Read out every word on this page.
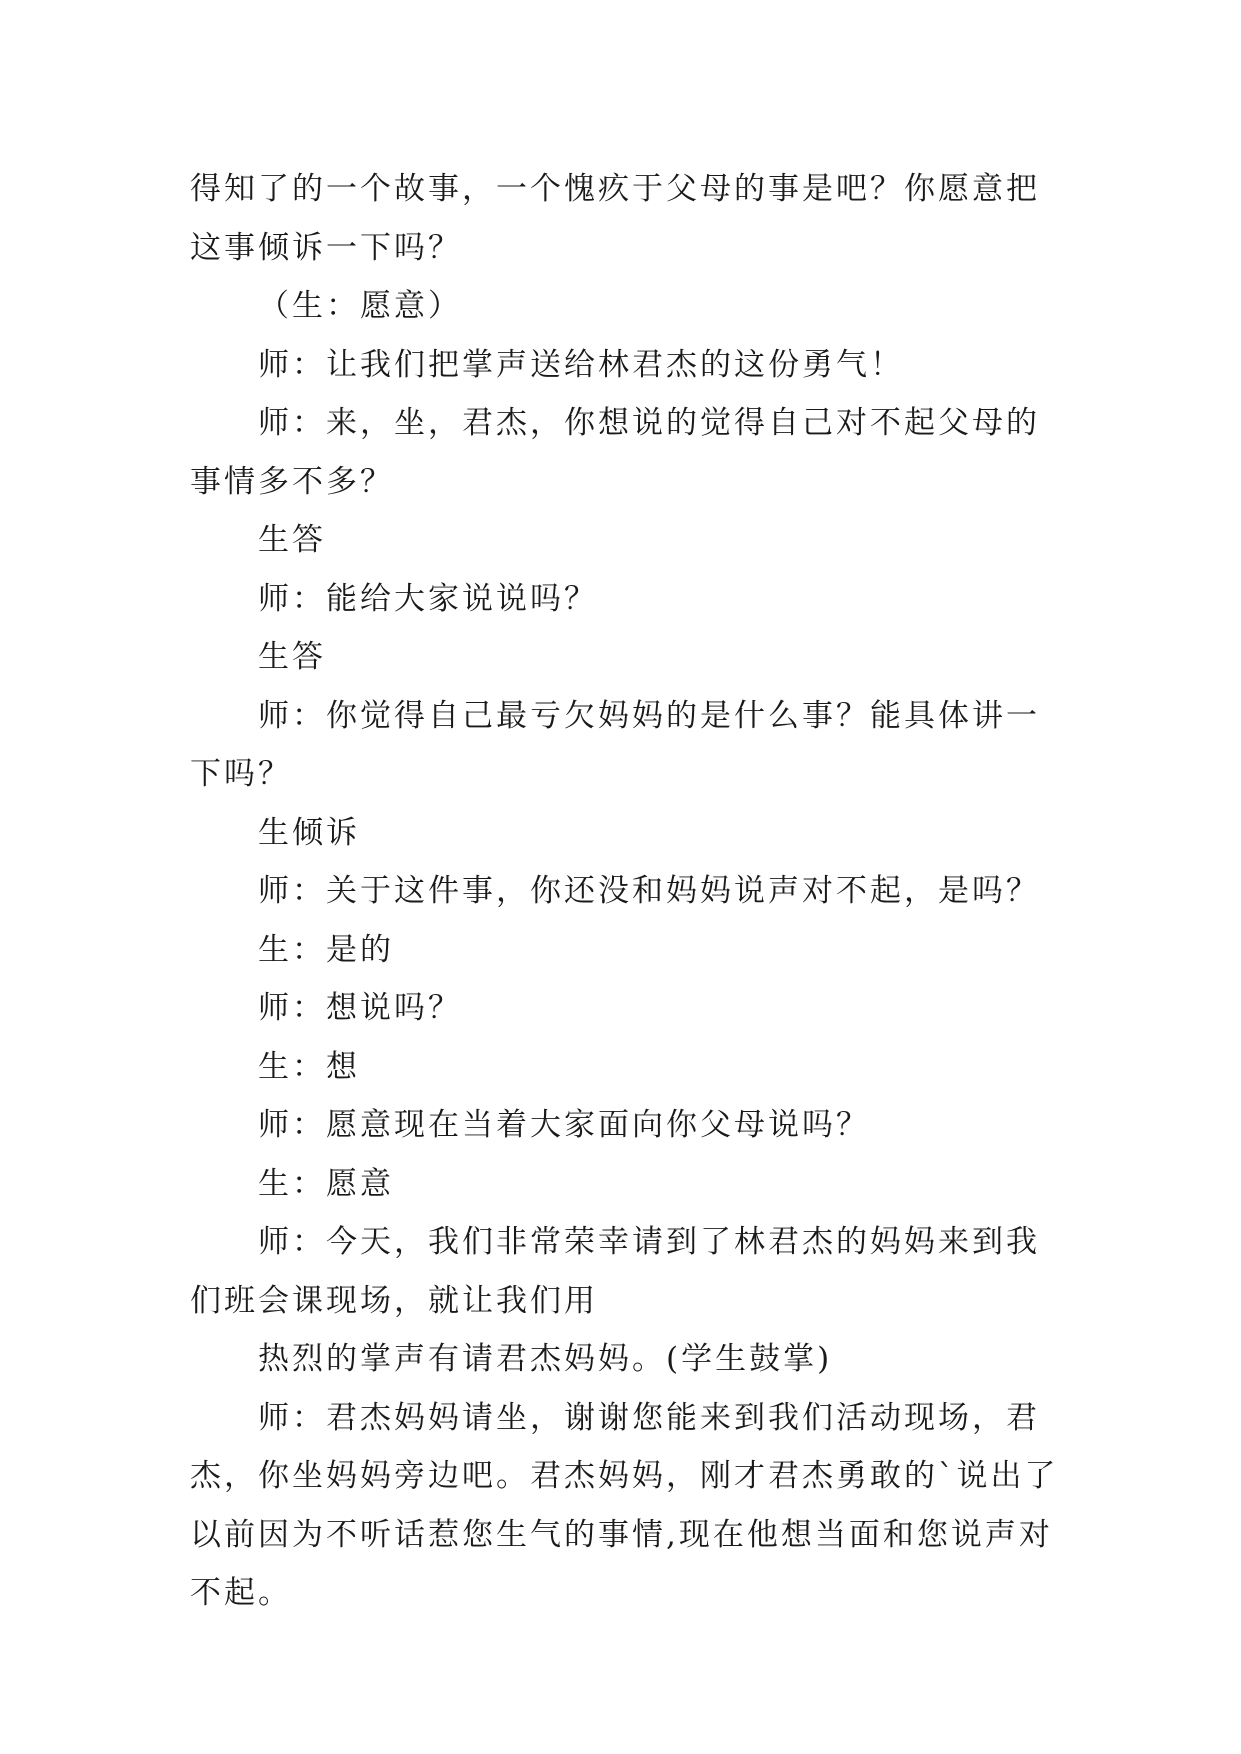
得知了的一个故事，一个愧疚于父母的事是吧？你愿意把这事倾诉一下吗？

（生：愿意）

师：让我们把掌声送给林君杰的这份勇气！

师：来，坐，君杰，你想说的觉得自己对不起父母的事情多不多？

生答

师：能给大家说说吗？

生答

师：你觉得自己最亏欠妈妈的是什么事？能具体讲一下吗？

生倾诉

师：关于这件事，你还没和妈妈说声对不起，是吗？

生：是的

师：想说吗？

生：想

师：愿意现在当着大家面向你父母说吗？

生：愿意

师：今天，我们非常荣幸请到了林君杰的妈妈来到我们班会课现场，就让我们用

热烈的掌声有请君杰妈妈。(学生鼓掌)

师：君杰妈妈请坐，谢谢您能来到我们活动现场，君杰，你坐妈妈旁边吧。君杰妈妈，刚才君杰勇敢的`说出了以前因为不听话惹您生气的事情,现在他想当面和您说声对不起。
